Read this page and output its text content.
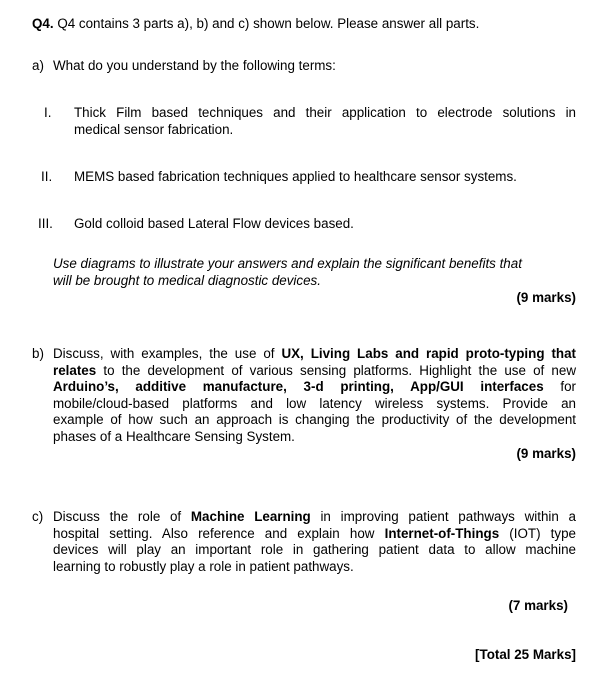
Q4. Q4 contains 3 parts a), b) and c) shown below. Please answer all parts.
a) What do you understand by the following terms:
I. Thick Film based techniques and their application to electrode solutions in
medical sensor fabrication.
II. MEMS based fabrication techniques applied to healthcare sensor systems.
III. Gold colloid based Lateral Flow devices based.
Use diagrams to illustrate your answers and explain the significant benefits that
will be brought to medical diagnostic devices.
(9 marks)
b) Discuss, with examples, the use of UX, Living Labs and rapid proto-typing that
relates to the development of various sensing platforms. Highlight the use of new
Arduino’s, additive manufacture, 3-d printing, App/GUI interfaces for
mobile/cloud-based platforms and low latency wireless systems. Provide an
example of how such an approach is changing the productivity of the development
phases of a Healthcare Sensing System.
(9 marks)
c) Discuss the role of Machine Learning in improving patient pathways within a
hospital setting. Also reference and explain how Internet-of-Things (IOT) type
devices will play an important role in gathering patient data to allow machine
learning to robustly play a role in patient pathways.
(7 marks)
[Total 25 Marks]
